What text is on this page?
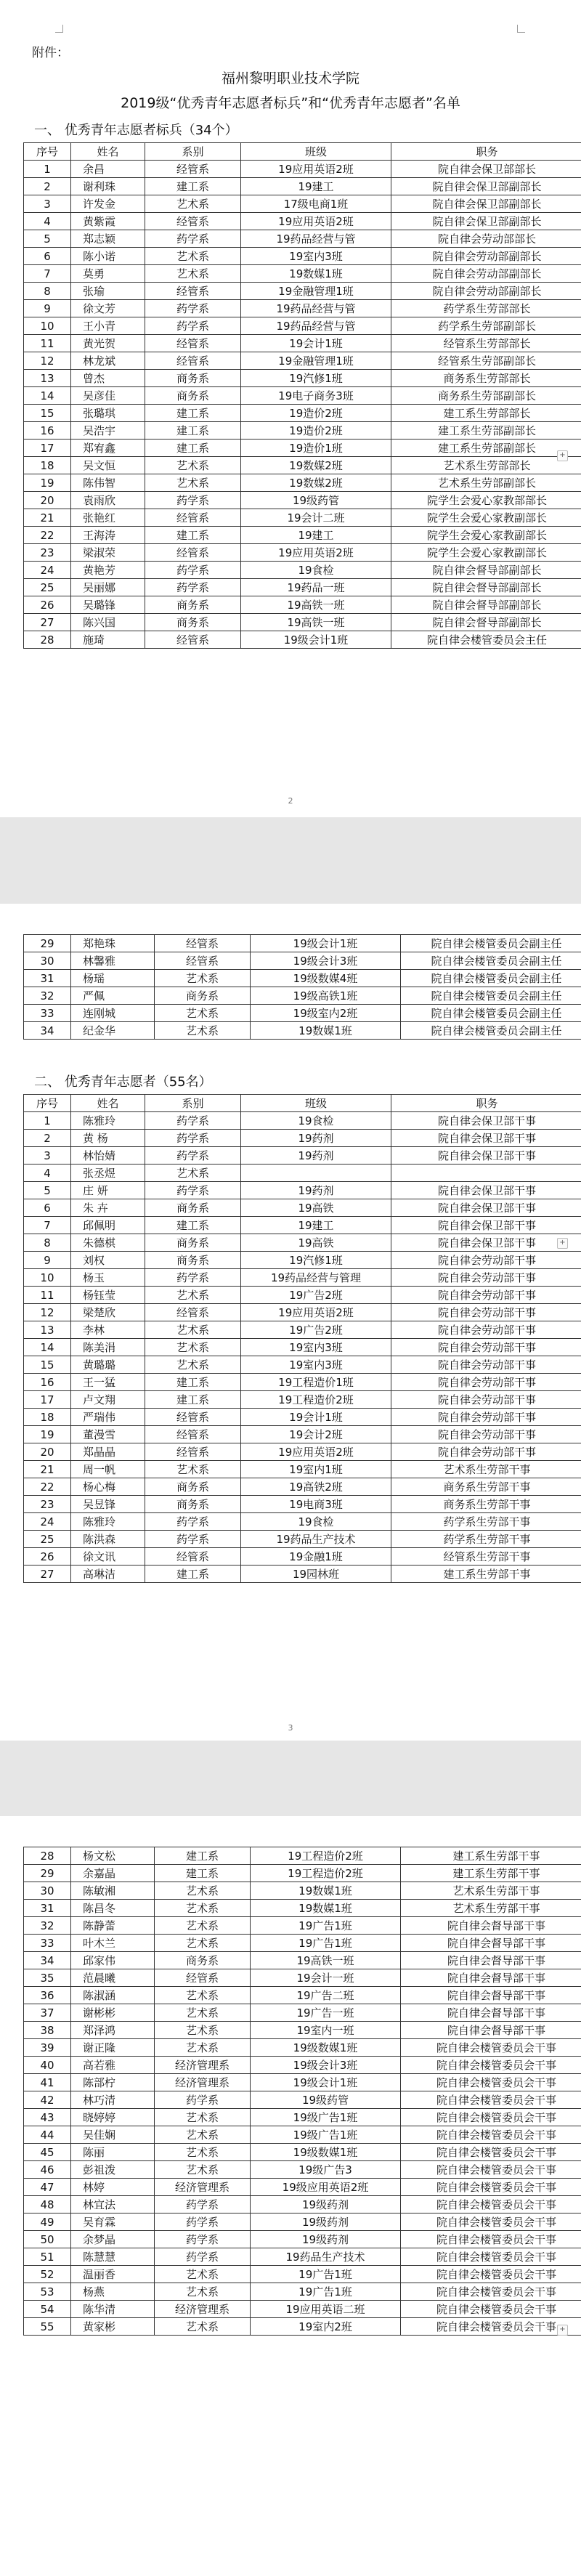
附件：
福州黎明职业技术学院
2019级“优秀青年志愿者标兵”和“优秀青年志愿者”名单
一、 优秀青年志愿者标兵（34个）
序号	姓名	系别	班级	职务
1	余昌	经管系	19应用英语2班	院自律会保卫部部长
2	谢利珠	建工系	19建工	院自律会保卫部副部长
3	许发金	艺术系	17级电商1班	院自律会保卫部副部长
4	黄紫霞	经管系	19应用英语2班	院自律会保卫部副部长
5	郑志颖	药学系	19药品经营与管	院自律会劳动部部长
6	陈小诺	艺术系	19室内3班	院自律会劳动部副部长
7	莫勇	艺术系	19数媒1班	院自律会劳动部副部长
8	张瑜	经管系	19金融管理1班	院自律会劳动部副部长
9	徐文芳	药学系	19药品经营与管	药学系生劳部部长
10	王小青	药学系	19药品经营与管	药学系生劳部副部长
11	黄光贺	经管系	19会计1班	经管系生劳部部长
12	林龙斌	经管系	19金融管理1班	经管系生劳部副部长
13	曾杰	商务系	19汽修1班	商务系生劳部部长
14	吴彦佳	商务系	19电子商务3班	商务系生劳部副部长
15	张璐琪	建工系	19造价2班	建工系生劳部部长
16	吴浩宇	建工系	19造价2班	建工系生劳部副部长
17	郑宥鑫	建工系	19造价1班	建工系生劳部副部长
18	吴文恒	艺术系	19数媒2班	艺术系生劳部部长
19	陈伟智	艺术系	19数媒2班	艺术系生劳部副部长
20	袁雨欣	药学系	19级药管	院学生会爱心家教部部长
21	张艳红	经管系	19会计二班	院学生会爱心家教副部长
22	王海涛	建工系	19建工	院学生会爱心家教副部长
23	梁淑荣	经管系	19应用英语2班	院学生会爱心家教副部长
24	黄艳芳	药学系	19食检	院自律会督导部副部长
25	吴丽娜	药学系	19药品一班	院自律会督导部副部长
26	吴璐锋	商务系	19高铁一班	院自律会督导部副部长
27	陈兴国	商务系	19高铁一班	院自律会督导部副部长
28	施琦	经管系	19级会计1班	院自律会楼管委员会主任
+
2
29	郑艳珠	经管系	19级会计1班	院自律会楼管委员会副主任
30	林馨雅	经管系	19级会计3班	院自律会楼管委员会副主任
31	杨瑶	艺术系	19级数媒4班	院自律会楼管委员会副主任
32	严佩	商务系	19级高铁1班	院自律会楼管委员会副主任
33	连刚城	艺术系	19级室内2班	院自律会楼管委员会副主任
34	纪金华	艺术系	19数媒1班	院自律会楼管委员会副主任
二、 优秀青年志愿者（55名）
序号	姓名	系别	班级	职务
1	陈雅玲	药学系	19食检	院自律会保卫部干事
2	黄 杨	药学系	19药剂	院自律会保卫部干事
3	林怡婧	药学系	19药剂	院自律会保卫部干事
4	张丞煜	艺术系		
5	庄 妍	药学系	19药剂	院自律会保卫部干事
6	朱 卉	商务系	19高铁	院自律会保卫部干事
7	邱佩明	建工系	19建工	院自律会保卫部干事
8	朱德棋	商务系	19高铁	院自律会保卫部干事
9	刘权	商务系	19汽修1班	院自律会劳动部干事
10	杨玉	药学系	19药品经营与管理	院自律会劳动部干事
11	杨钰莹	艺术系	19广告2班	院自律会劳动部干事
12	梁楚欣	经管系	19应用英语2班	院自律会劳动部干事
13	李林	艺术系	19广告2班	院自律会劳动部干事
14	陈美涓	艺术系	19室内3班	院自律会劳动部干事
15	黄璐璐	艺术系	19室内3班	院自律会劳动部干事
16	王一猛	建工系	19工程造价1班	院自律会劳动部干事
17	卢文翔	建工系	19工程造价2班	院自律会劳动部干事
18	严瑞伟	经管系	19会计1班	院自律会劳动部干事
19	董漫雪	经管系	19会计2班	院自律会劳动部干事
20	郑晶晶	经管系	19应用英语2班	院自律会劳动部干事
21	周一帆	艺术系	19室内1班	艺术系生劳部干事
22	杨心梅	商务系	19高铁2班	商务系生劳部干事
23	吴昱锋	商务系	19电商3班	商务系生劳部干事
24	陈雅玲	药学系	19食检	药学系生劳部干事
25	陈洪森	药学系	19药品生产技术	药学系生劳部干事
26	徐文讯	经管系	19金融1班	经管系生劳部干事
27	高琳洁	建工系	19园林班	建工系生劳部干事
+
3
28	杨文松	建工系	19工程造价2班	建工系生劳部干事
29	余嘉晶	建工系	19工程造价2班	建工系生劳部干事
30	陈敏湘	艺术系	19数媒1班	艺术系生劳部干事
31	陈昌冬	艺术系	19数媒1班	艺术系生劳部干事
32	陈静蕾	艺术系	19广告1班	院自律会督导部干事
33	叶木兰	艺术系	19广告1班	院自律会督导部干事
34	邱家伟	商务系	19高铁一班	院自律会督导部干事
35	范晨曦	经管系	19会计一班	院自律会督导部干事
36	陈淑涵	艺术系	19广告二班	院自律会督导部干事
37	谢彬彬	艺术系	19广告一班	院自律会督导部干事
38	郑泽鸿	艺术系	19室内一班	院自律会督导部干事
39	谢正隆	艺术系	19级数媒1班	院自律会楼管委员会干事
40	高若雅	经济管理系	19级会计3班	院自律会楼管委员会干事
41	陈部柠	经济管理系	19级会计1班	院自律会楼管委员会干事
42	林巧清	药学系	19级药管	院自律会楼管委员会干事
43	晓婷婷	艺术系	19级广告1班	院自律会楼管委员会干事
44	吴佳娴	艺术系	19级广告1班	院自律会楼管委员会干事
45	陈丽	艺术系	19级数媒1班	院自律会楼管委员会干事
46	彭祖泼	艺术系	19级广告3	院自律会楼管委员会干事
47	林婷	经济管理系	19级应用英语2班	院自律会楼管委员会干事
48	林宜法	药学系	19级药剂	院自律会楼管委员会干事
49	吴育霖	药学系	19级药剂	院自律会楼管委员会干事
50	余梦晶	药学系	19级药剂	院自律会楼管委员会干事
51	陈慧慧	药学系	19药品生产技术	院自律会楼管委员会干事
52	温丽香	艺术系	19广告1班	院自律会楼管委员会干事
53	杨燕	艺术系	19广告1班	院自律会楼管委员会干事
54	陈华清	经济管理系	19应用英语二班	院自律会楼管委员会干事
55	黄家彬	艺术系	19室内2班	院自律会楼管委员会干事 +
